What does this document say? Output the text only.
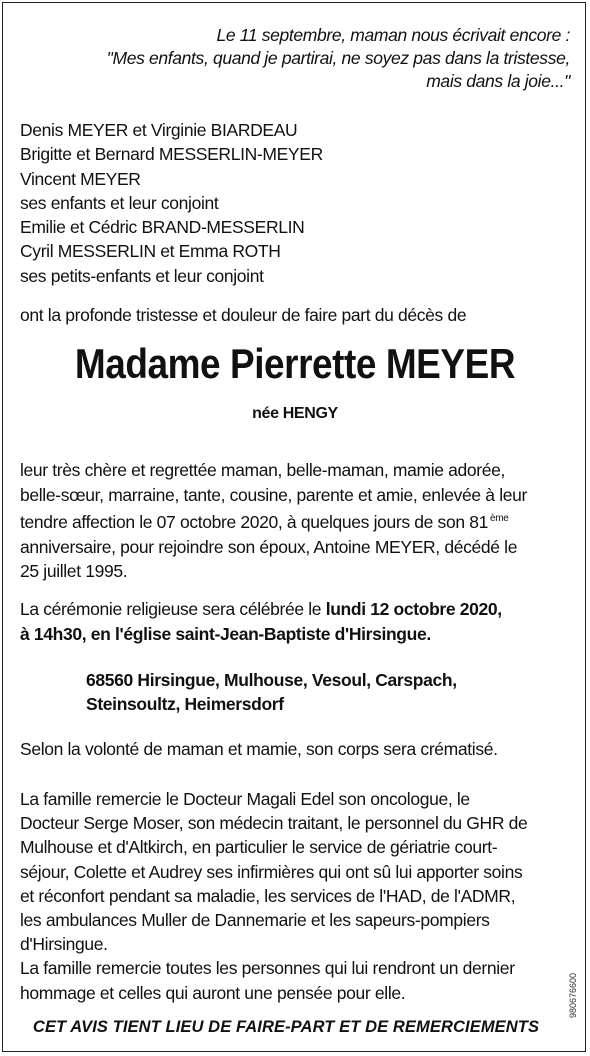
Le 11 septembre, maman nous écrivait encore :
"Mes enfants, quand je partirai, ne soyez pas dans la tristesse,
mais dans la joie..."
Denis MEYER et Virginie BIARDEAU
Brigitte et Bernard MESSERLIN-MEYER
Vincent MEYER
ses enfants et leur conjoint
Emilie et Cédric BRAND-MESSERLIN
Cyril MESSERLIN et Emma ROTH
ses petits-enfants et leur conjoint
ont la profonde tristesse et douleur de faire part du décès de
Madame Pierrette MEYER
née HENGY
leur très chère et regrettée maman, belle-maman, mamie adorée,
belle-sœur, marraine, tante, cousine, parente et amie, enlevée à leur
tendre affection le 07 octobre 2020, à quelques jours de son 81 $^{ème}$
anniversaire, pour rejoindre son époux, Antoine MEYER, décédé le
25 juillet 1995.
La cérémonie religieuse sera célébrée le lundi 12 octobre 2020,
à 14h30, en l'église saint-Jean-Baptiste d'Hirsingue.
68560 Hirsingue, Mulhouse, Vesoul, Carspach,
Steinsoultz, Heimersdorf
Selon la volonté de maman et mamie, son corps sera crématisé.
La famille remercie le Docteur Magali Edel son oncologue, le
Docteur Serge Moser, son médecin traitant, le personnel du GHR de
Mulhouse et d'Altkirch, en particulier le service de gériatrie court-
séjour, Colette et Audrey ses infirmières qui ont sû lui apporter soins
et réconfort pendant sa maladie, les services de l'HAD, de l'ADMR,
les ambulances Muller de Dannemarie et les sapeurs-pompiers
d'Hirsingue.
La famille remercie toutes les personnes qui lui rendront un dernier
hommage et celles qui auront une pensée pour elle.
CET AVIS TIENT LIEU DE FAIRE-PART ET DE REMERCIEMENTS
980676600
